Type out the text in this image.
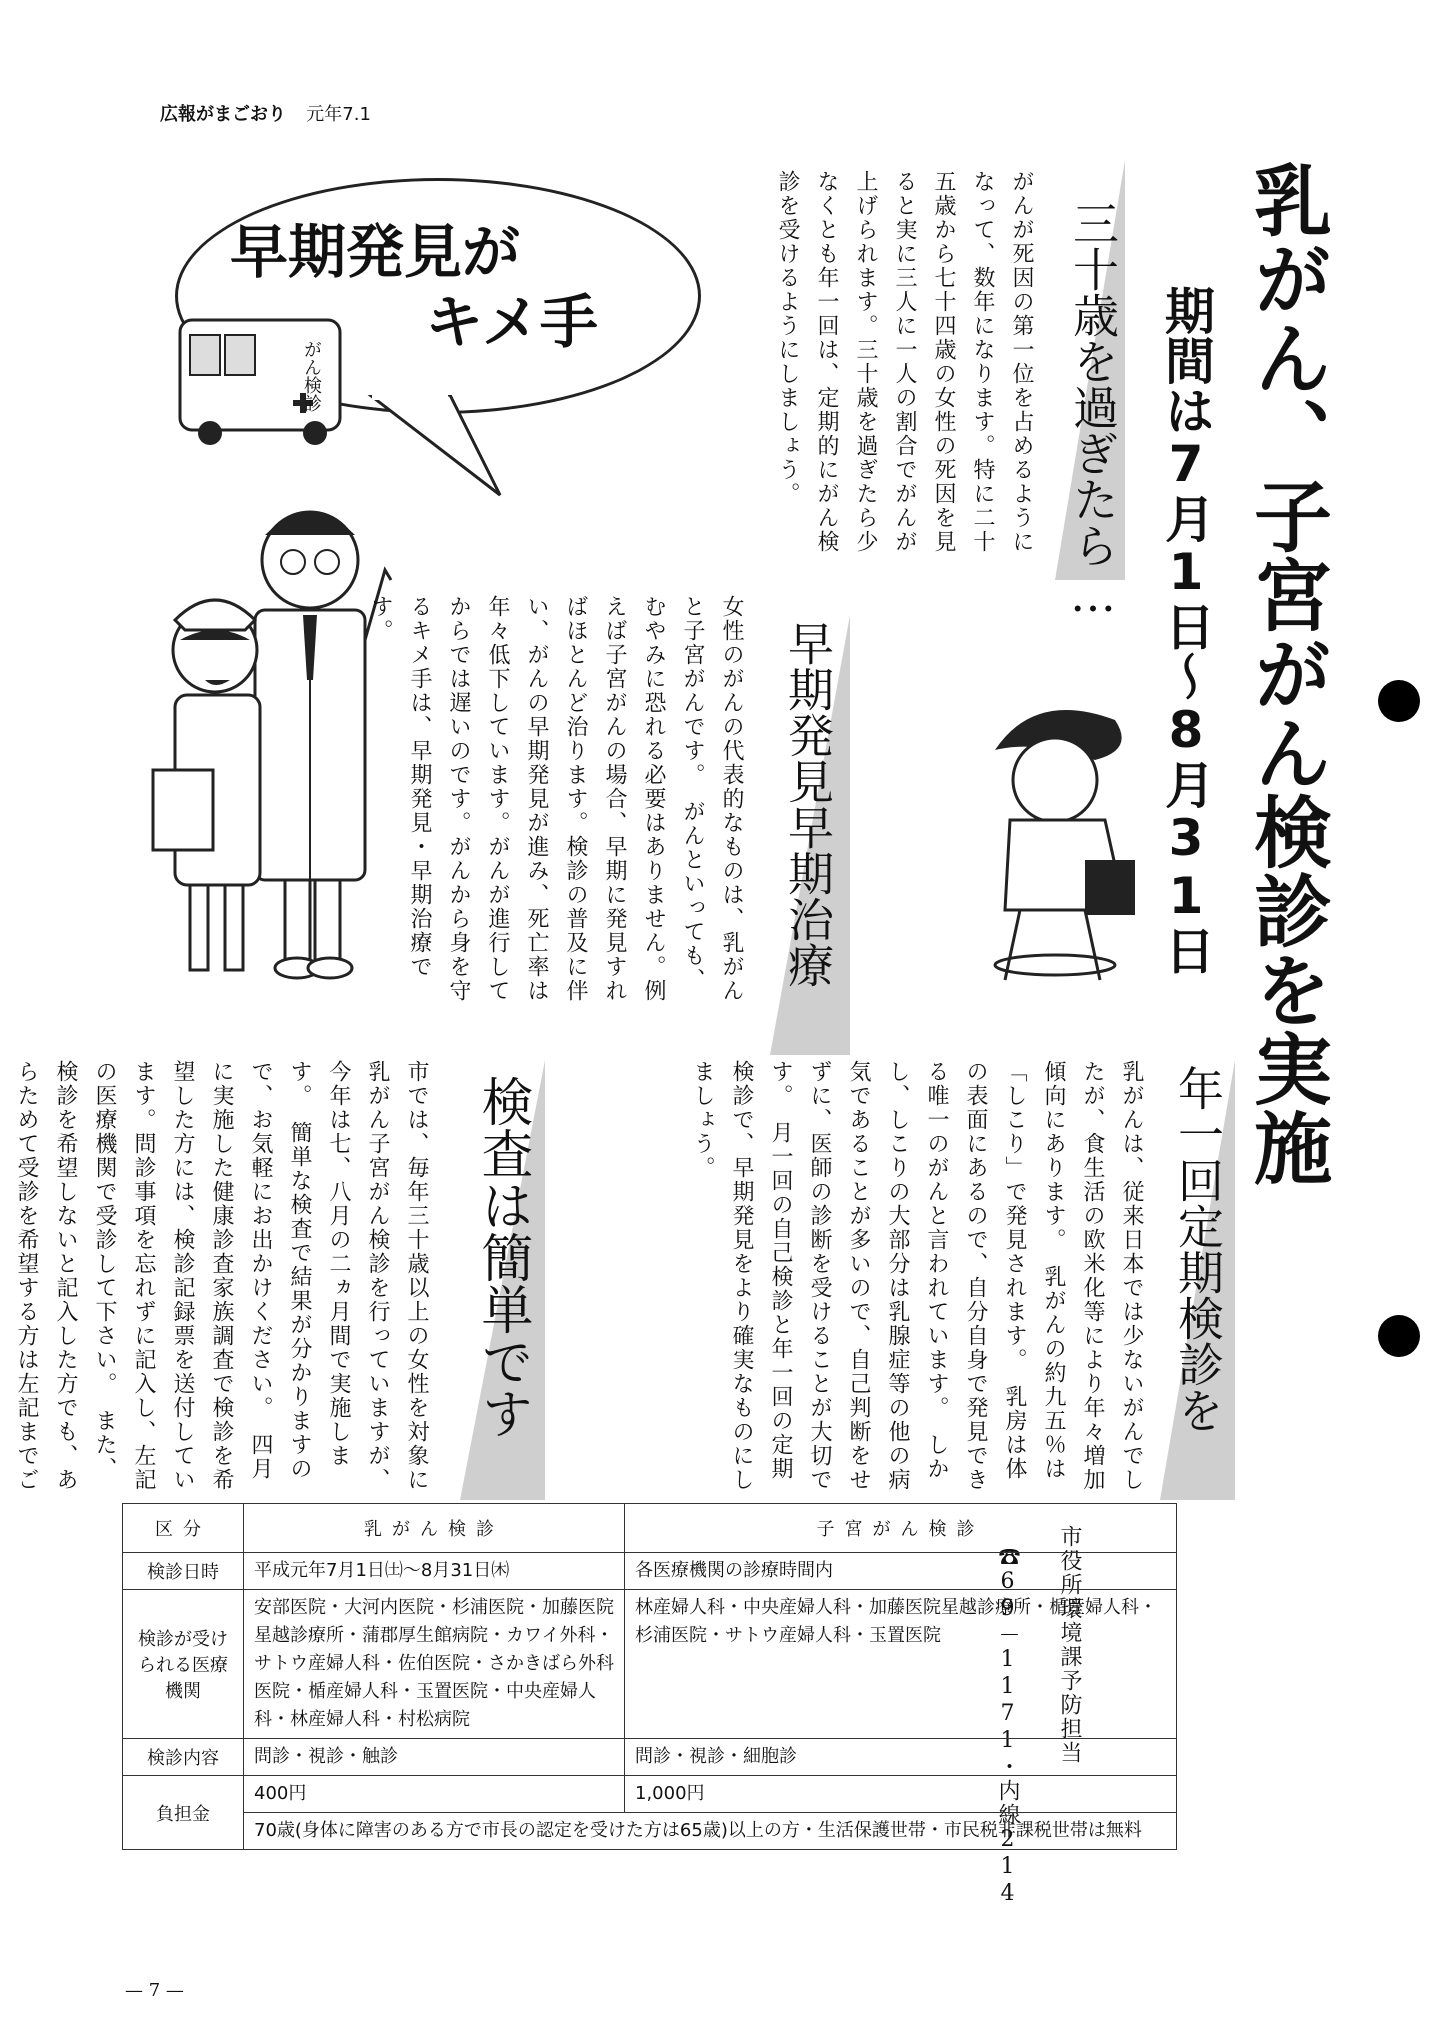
広報がまごおり 元年7.1
早期発見が
キメ手
がん検診	乳がん、子宮がん検診を実施
期間は7月1日～8月31日
三十歳を過ぎたら…
がんが死因の第一位を占めるようになって、数年になります。特に二十五歳から七十四歳の女性の死因を見ると実に三人に一人の割合でがんが上げられます。三十歳を過ぎたら少なくとも年一回は、定期的にがん検診を受けるようにしましょう。
早期発見早期治療
女性のがんの代表的なものは、乳がんと子宮がんです。　がんといっても、むやみに恐れる必要はありません。例えば子宮がんの場合、早期に発見すればほとんど治ります。検診の普及に伴い、がんの早期発見が進み、死亡率は年々低下しています。がんが進行してからでは遅いのです。がんから身を守るキメ手は、早期発見・早期治療です。
年一回定期検診を
乳がんは、従来日本では少ないがんでしたが、食生活の欧米化等により年々増加傾向にあります。　乳がんの約九五％は「しこり」で発見されます。　乳房は体の表面にあるので、自分自身で発見できる唯一のがんと言われています。　しかし、しこりの大部分は乳腺症等の他の病気であることが多いので、自己判断をせずに、医師の診断を受けることが大切です。　月一回の自己検診と年一回の定期検診で、早期発見をより確実なものにしましょう。
検査は簡単です
市では、毎年三十歳以上の女性を対象に乳がん子宮がん検診を行っていますが、今年は七、八月の二ヵ月間で実施します。　簡単な検査で結果が分かりますので、お気軽にお出かけください。　四月に実施した健康診査家族調査で検診を希望した方には、検診記録票を送付しています。問診事項を忘れずに記入し、左記の医療機関で受診して下さい。　また、検診を希望しないと記入した方でも、あらためて受診を希望する方は左記までご
市役所環境課予防担当
☎69－1171・内線214
区分	乳がん検診	子宮がん検診
検診日時	平成元年7月1日㈯～8月31日㈭	各医療機関の診療時間内
検診が受けられる医療機関	安部医院・大河内医院・杉浦医院・加藤医院星越診療所・蒲郡厚生館病院・カワイ外科・サトウ産婦人科・佐伯医院・さかきばら外科医院・楯産婦人科・玉置医院・中央産婦人科・林産婦人科・村松病院	林産婦人科・中央産婦人科・加藤医院星越診療所・楯産婦人科・杉浦医院・サトウ産婦人科・玉置医院
検診内容	問診・視診・触診	問診・視診・細胞診
負担金	400円	1,000円
	70歳(身体に障害のある方で市長の認定を受けた方は65歳)以上の方・生活保護世帯・市民税非課税世帯は無料	
— 7 —
